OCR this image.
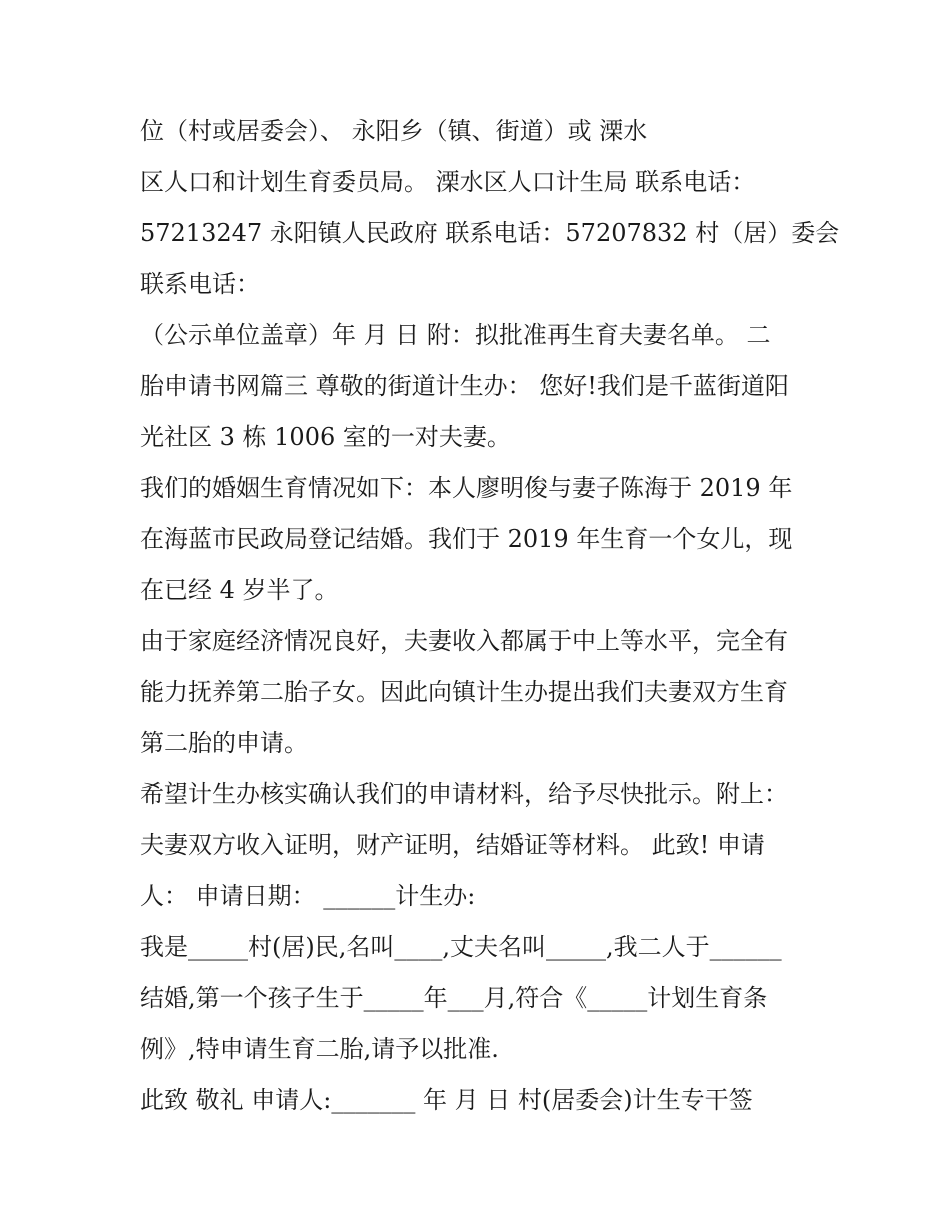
位（村或居委会）、 永阳乡（镇、街道）或 溧水
区人口和计划生育委员局。 溧水区人口计生局 联系电话：
57213247 永阳镇人民政府 联系电话：57207832 村（居）委会
联系电话：
（公示单位盖章）年 月 日 附：拟批准再生育夫妻名单。 二
胎申请书网篇三 尊敬的街道计生办： 您好!我们是千蓝街道阳
光社区 3 栋 1006 室的一对夫妻。
我们的婚姻生育情况如下：本人廖明俊与妻子陈海于 2019 年
在海蓝市民政局登记结婚。我们于 2019 年生育一个女儿，现
在已经 4 岁半了。
由于家庭经济情况良好，夫妻收入都属于中上等水平，完全有
能力抚养第二胎子女。因此向镇计生办提出我们夫妻双方生育
第二胎的申请。
希望计生办核实确认我们的申请材料，给予尽快批示。附上：
夫妻双方收入证明，财产证明，结婚证等材料。 此致! 申请
人： 申请日期： ______计生办:
我是_____村(居)民,名叫____,丈夫名叫_____,我二人于______
结婚,第一个孩子生于_____年___月,符合《_____计划生育条
例》,特申请生育二胎,请予以批准.
此致 敬礼 申请人:_______ 年 月 日 村(居委会)计生专干签
